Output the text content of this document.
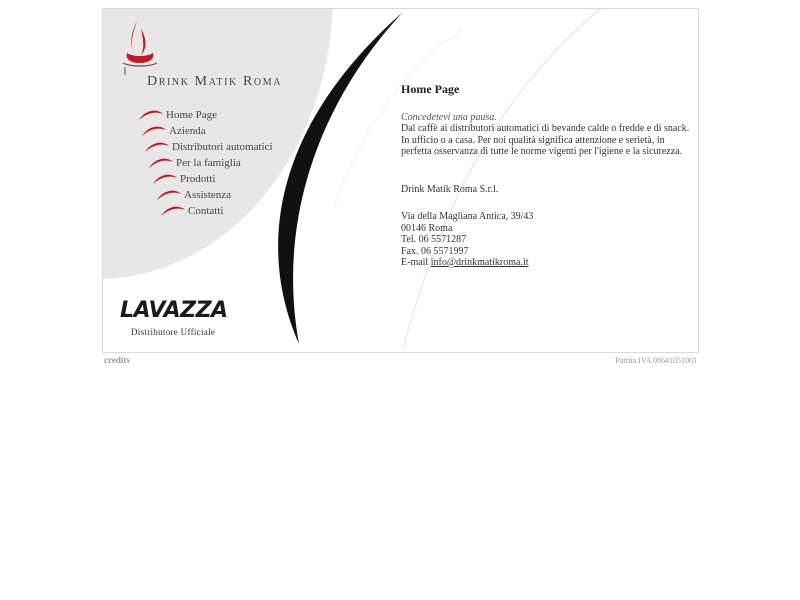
Drink Matik Roma
Home Page
Azienda
Distributori automatici
Per la famiglia
Prodotti
Assistenza
Contatti
LAVAZZA
Distributore Ufficiale
Home Page
Concedetevi una pausa.
Dal caffè ai distributori automatici di bevande calde o fredde e di snack. In ufficio o a casa. Per noi qualità significa attenzione e serietà, in perfetta osservanza di tutte le norme vigenti per l'igiene e la sicurezza.
Drink Matik Roma S.r.l.
Via della Magliana Antica, 39/43
00146 Roma
Tel. 06 5571287
Fax. 06 5571997
E-mail info@drinkmatikroma.it
credits	Partita IVA 08641051001
